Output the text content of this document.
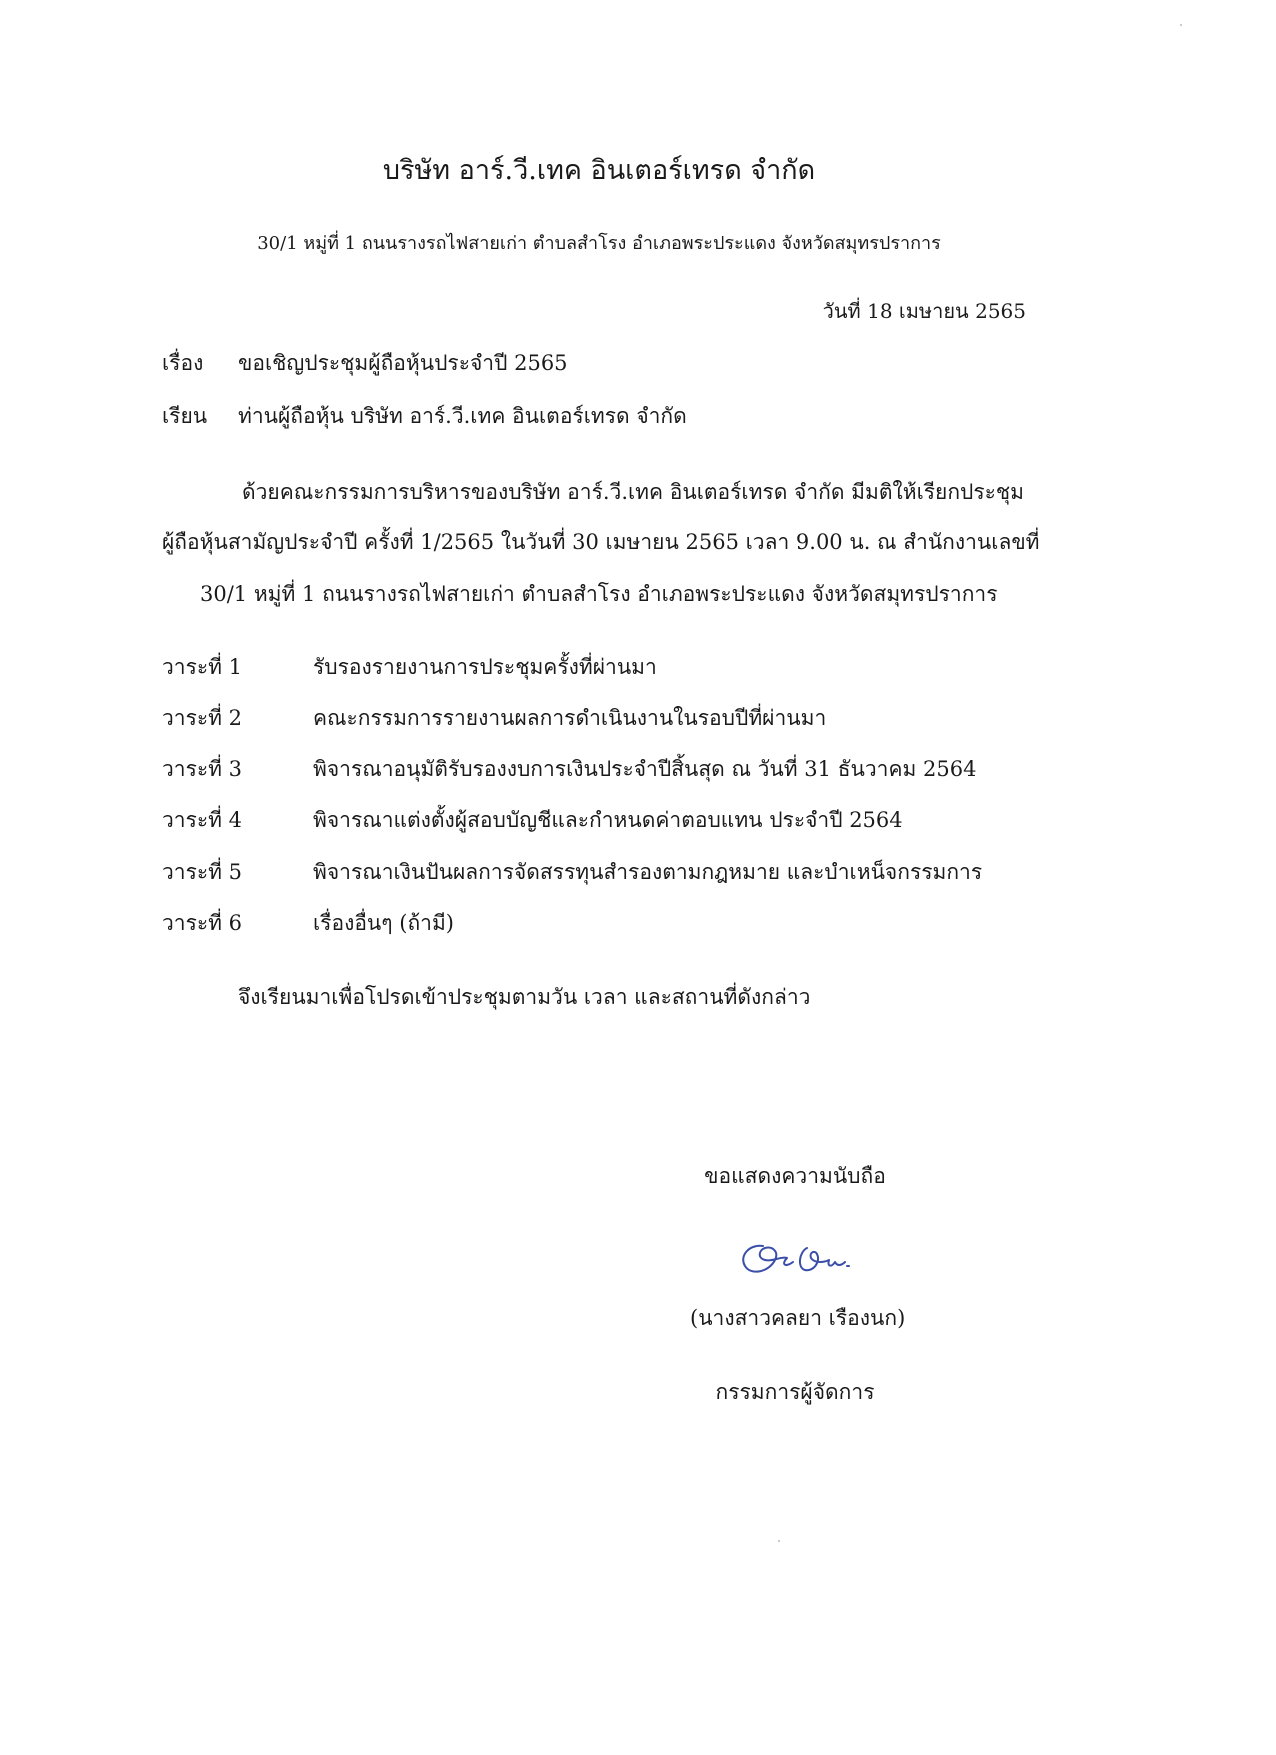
บริษัท อาร์.วี.เทค อินเตอร์เทรด จำกัด
30/1 หมู่ที่ 1 ถนนรางรถไฟสายเก่า ตำบลสำโรง อำเภอพระประแดง จังหวัดสมุทรปราการ
วันที่ 18 เมษายน 2565
เรื่อง ขอเชิญประชุมผู้ถือหุ้นประจำปี 2565
เรียน ท่านผู้ถือหุ้น บริษัท อาร์.วี.เทค อินเตอร์เทรด จำกัด
ด้วยคณะกรรมการบริหารของบริษัท อาร์.วี.เทค อินเตอร์เทรด จำกัด มีมติให้เรียกประชุม
ผู้ถือหุ้นสามัญประจำปี ครั้งที่ 1/2565 ในวันที่ 30 เมษายน 2565 เวลา 9.00 น. ณ สำนักงานเลขที่
30/1 หมู่ที่ 1 ถนนรางรถไฟสายเก่า ตำบลสำโรง อำเภอพระประแดง จังหวัดสมุทรปราการ
วาระที่ 1	รับรองรายงานการประชุมครั้งที่ผ่านมา
วาระที่ 2	คณะกรรมการรายงานผลการดำเนินงานในรอบปีที่ผ่านมา
วาระที่ 3	พิจารณาอนุมัติรับรองงบการเงินประจำปีสิ้นสุด ณ วันที่ 31 ธันวาคม 2564
วาระที่ 4	พิจารณาแต่งตั้งผู้สอบบัญชีและกำหนดค่าตอบแทน ประจำปี 2564
วาระที่ 5	พิจารณาเงินปันผลการจัดสรรทุนสำรองตามกฎหมาย และบำเหน็จกรรมการ
วาระที่ 6	เรื่องอื่นๆ (ถ้ามี)
จึงเรียนมาเพื่อโปรดเข้าประชุมตามวัน เวลา และสถานที่ดังกล่าว
ขอแสดงความนับถือ
(นางสาวคลยา เรืองนก)
กรรมการผู้จัดการ
